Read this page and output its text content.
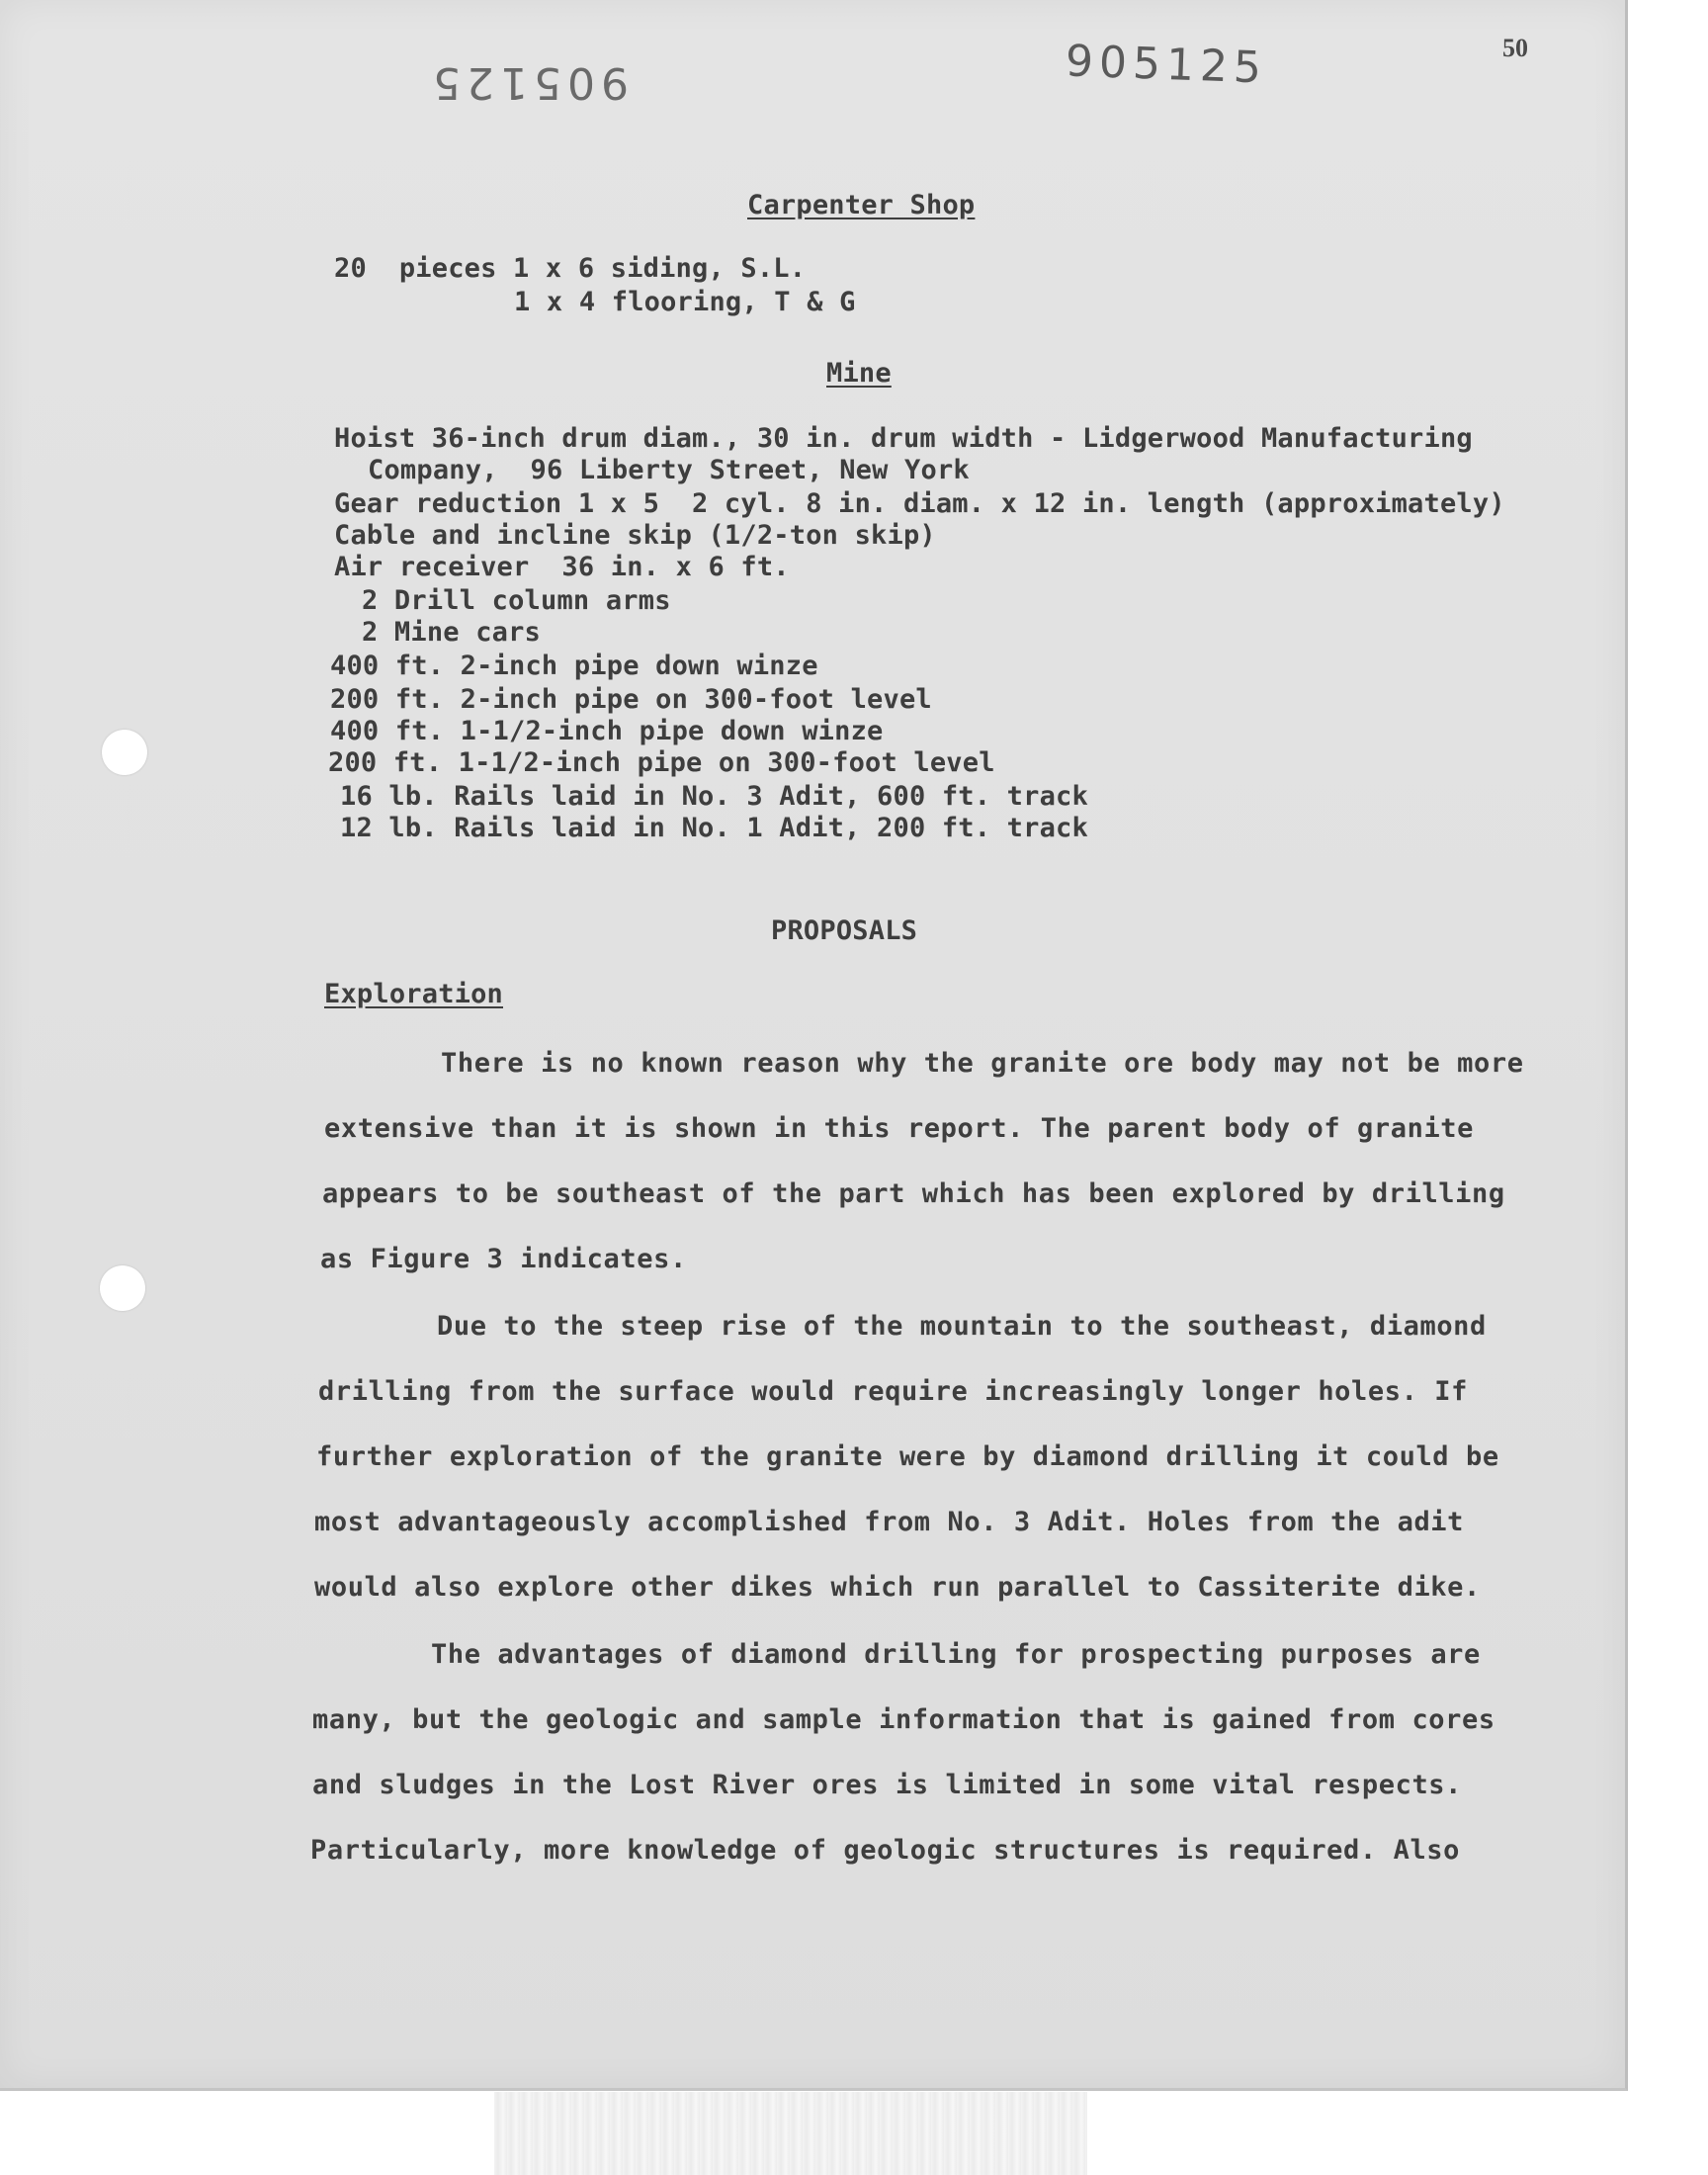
905125
905125
50
Carpenter Shop
20  pieces 1 x 6 siding, S.L.
1 x 4 flooring, T & G
Mine
Hoist 36-inch drum diam., 30 in. drum width - Lidgerwood Manufacturing
Company,  96 Liberty Street, New York
Gear reduction 1 x 5  2 cyl. 8 in. diam. x 12 in. length (approximately)
Cable and incline skip (1/2-ton skip)
Air receiver  36 in. x 6 ft.
2 Drill column arms
2 Mine cars
400 ft. 2-inch pipe down winze
200 ft. 2-inch pipe on 300-foot level
400 ft. 1-1/2-inch pipe down winze
200 ft. 1-1/2-inch pipe on 300-foot level
16 lb. Rails laid in No. 3 Adit, 600 ft. track
12 lb. Rails laid in No. 1 Adit, 200 ft. track
PROPOSALS
Exploration
There is no known reason why the granite ore body may not be more
extensive than it is shown in this report. The parent body of granite
appears to be southeast of the part which has been explored by drilling
as Figure 3 indicates.
Due to the steep rise of the mountain to the southeast, diamond
drilling from the surface would require increasingly longer holes. If
further exploration of the granite were by diamond drilling it could be
most advantageously accomplished from No. 3 Adit. Holes from the adit
would also explore other dikes which run parallel to Cassiterite dike.
The advantages of diamond drilling for prospecting purposes are
many, but the geologic and sample information that is gained from cores
and sludges in the Lost River ores is limited in some vital respects.
Particularly, more knowledge of geologic structures is required. Also
